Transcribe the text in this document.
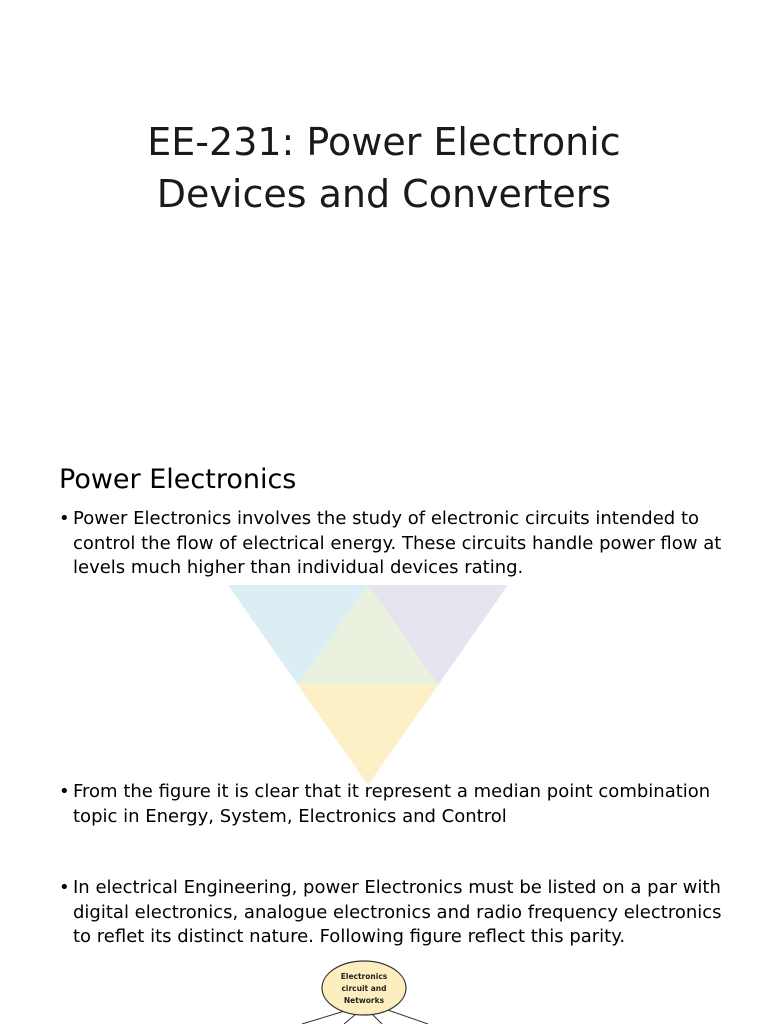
EE-231: Power Electronic
Devices and Converters
Power Electronics
• Power Electronics involves the study of electronic circuits intended to control the flow of electrical energy. These circuits handle power flow at levels much higher than individual devices rating.
• From the figure it is clear that it represent a median point combination topic in Energy, System, Electronics and Control
• In electrical Engineering, power Electronics must be listed on a par with digital electronics, analogue electronics and radio frequency electronics to reflet its distinct nature. Following figure reflect this parity.
Electronics
circuit and
Networks
